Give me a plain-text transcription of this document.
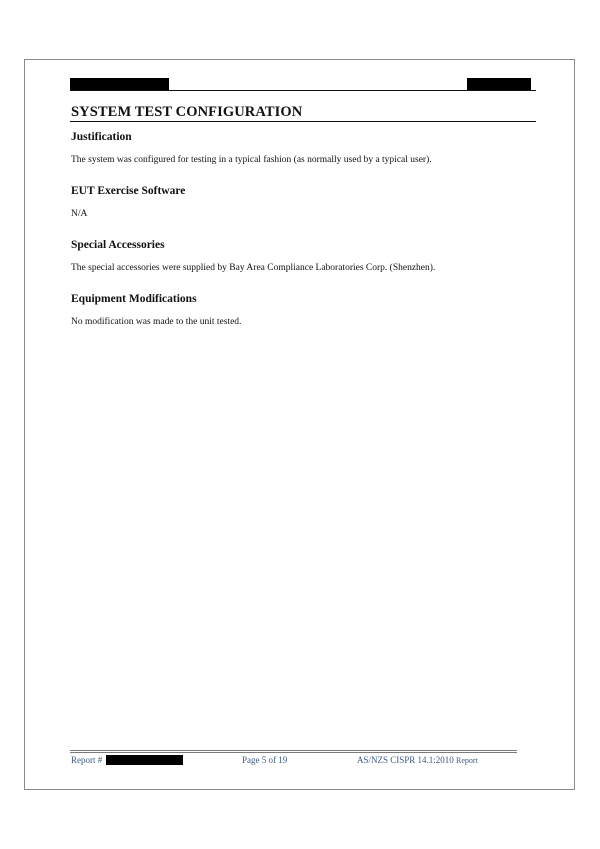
SYSTEM TEST CONFIGURATION
Justification

The system was configured for testing in a typical fashion (as normally used by a typical user).

EUT Exercise Software

N/A

Special Accessories

The special accessories were supplied by Bay Area Compliance Laboratories Corp. (Shenzhen).

Equipment Modifications

No modification was made to the unit tested.

Report #	Page 5 of 19	AS/NZS CISPR 14.1:2010 Report
